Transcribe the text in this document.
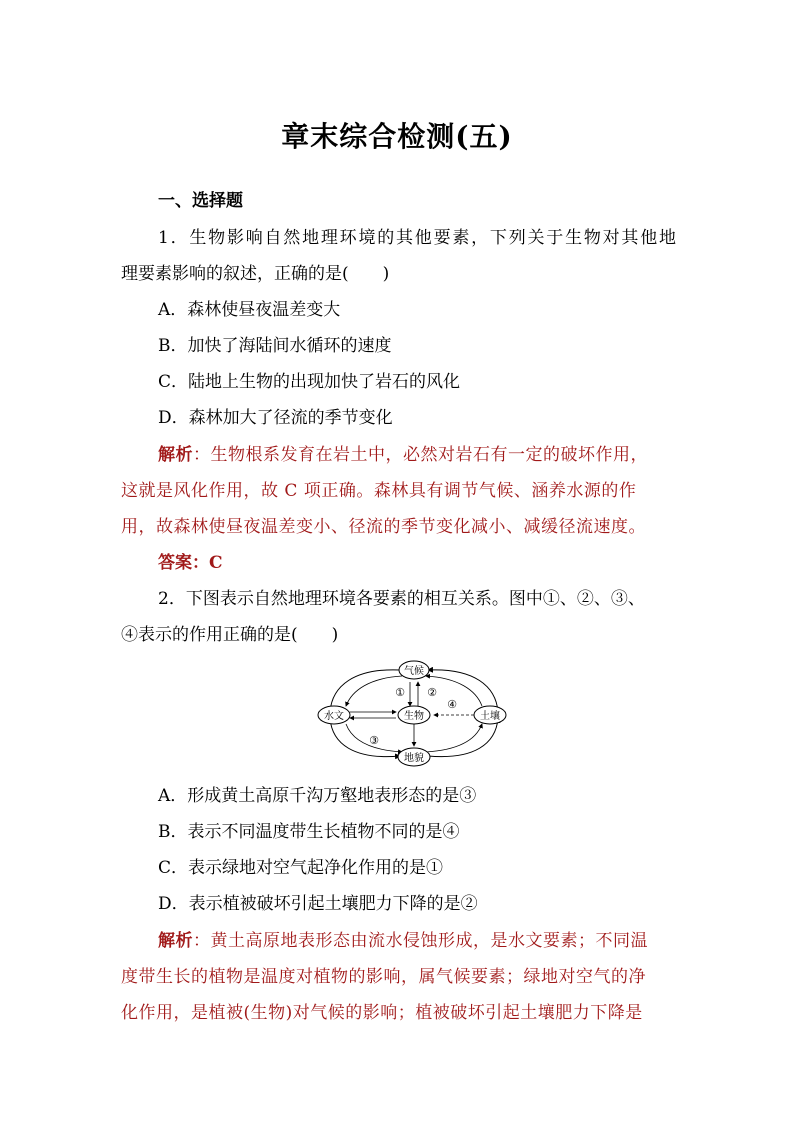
章末综合检测(五)
一、选择题
1．生物影响自然地理环境的其他要素，下列关于生物对其他地
理要素影响的叙述，正确的是(　　)
A．森林使昼夜温差变大
B．加快了海陆间水循环的速度
C．陆地上生物的出现加快了岩石的风化
D．森林加大了径流的季节变化
解析：生物根系发育在岩土中，必然对岩石有一定的破坏作用，
这就是风化作用，故 C 项正确。森林具有调节气候、涵养水源的作
用，故森林使昼夜温差变小、径流的季节变化减小、减缓径流速度。
答案：C
2．下图表示自然地理环境各要素的相互关系。图中①、②、③、
④表示的作用正确的是(　　)
气候
水文	生物	土壤
地貌
① ②
③
④
A．形成黄土高原千沟万壑地表形态的是③
B．表示不同温度带生长植物不同的是④
C．表示绿地对空气起净化作用的是①
D．表示植被破坏引起土壤肥力下降的是②
解析：黄土高原地表形态由流水侵蚀形成，是水文要素；不同温
度带生长的植物是温度对植物的影响，属气候要素；绿地对空气的净
化作用，是植被(生物)对气候的影响；植被破坏引起土壤肥力下降是
